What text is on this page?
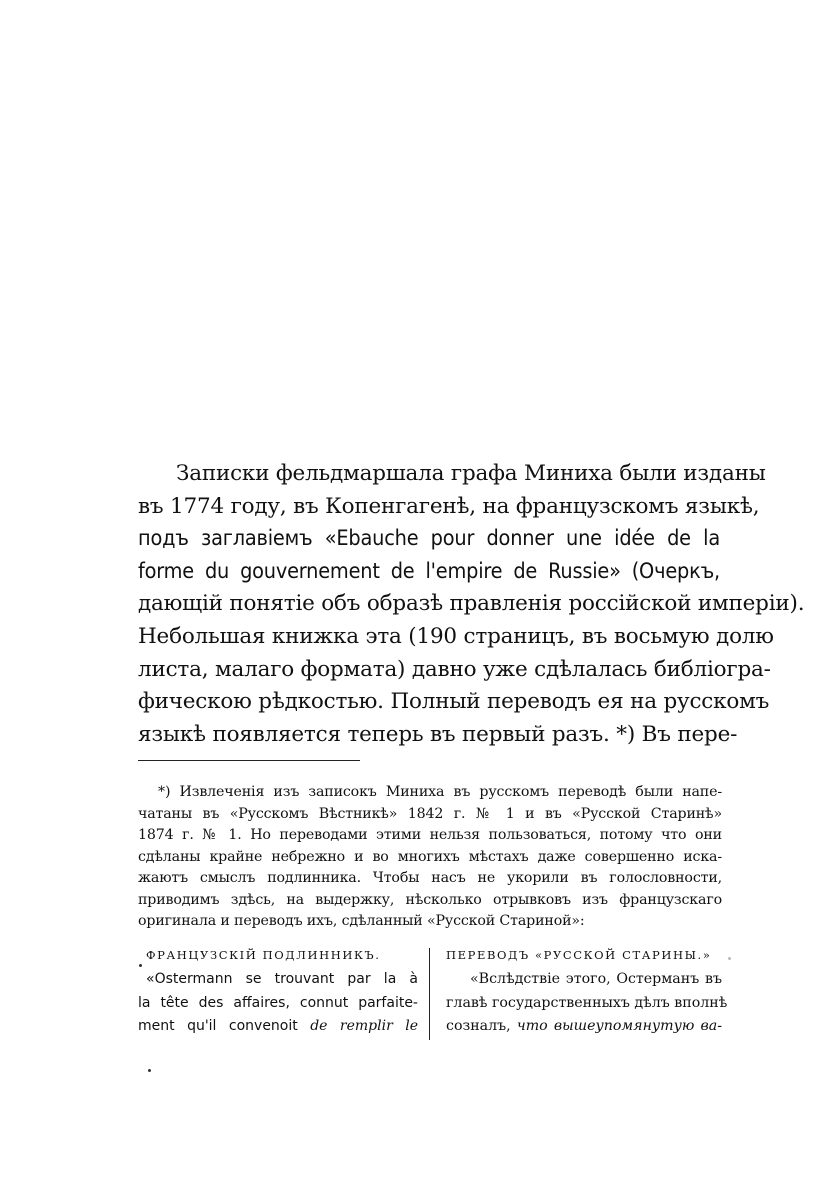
Записки фельдмаршала графа Миниха были изданы
въ 1774 году, въ Копенгагенѣ, на французскомъ языкѣ,
подъ заглавіемъ «Ebauche pour donner une idée de la
forme du gouvernement de l'empire de Russie» (Очеркъ,
дающій понятіе объ образѣ правленія россійской имперіи).
Небольшая книжка эта (190 страницъ, въ восьмую долю
листа, малаго формата) давно уже сдѣлалась библіогра-
фическою рѣдкостью. Полный переводъ ея на русскомъ
языкѣ появляется теперь въ первый разъ. *) Въ пере-
*) Извлеченія изъ записокъ Миниха въ русскомъ переводѣ были напе-
чатаны въ «Русскомъ Вѣстникѣ» 1842 г. № 1 и въ «Русской Старинѣ»
1874 г. № 1. Но переводами этими нельзя пользоваться, потому что они
сдѣланы крайне небрежно и во многихъ мѣстахъ даже совершенно иска-
жаютъ смыслъ подлинника. Чтобы насъ не укорили въ голословности,
приводимъ здѣсь, на выдержку, нѣсколько отрывковъ изъ французскаго
оригинала и переводъ ихъ, сдѣланный «Русской Стариной»:
ФРАНЦУЗСКІЙ ПОДЛИННИКЪ.
«Ostermann se trouvant par la à
la tête des affaires, connut parfaite-
ment qu'il convenoit de remplir le
ПЕРЕВОДЪ «РУССКОЙ СТАРИНЫ.»
«Вслѣдствіе этого, Остерманъ въ
главѣ государственныхъ дѣлъ вполнѣ
созналъ, что вышеупомянутую ва-
